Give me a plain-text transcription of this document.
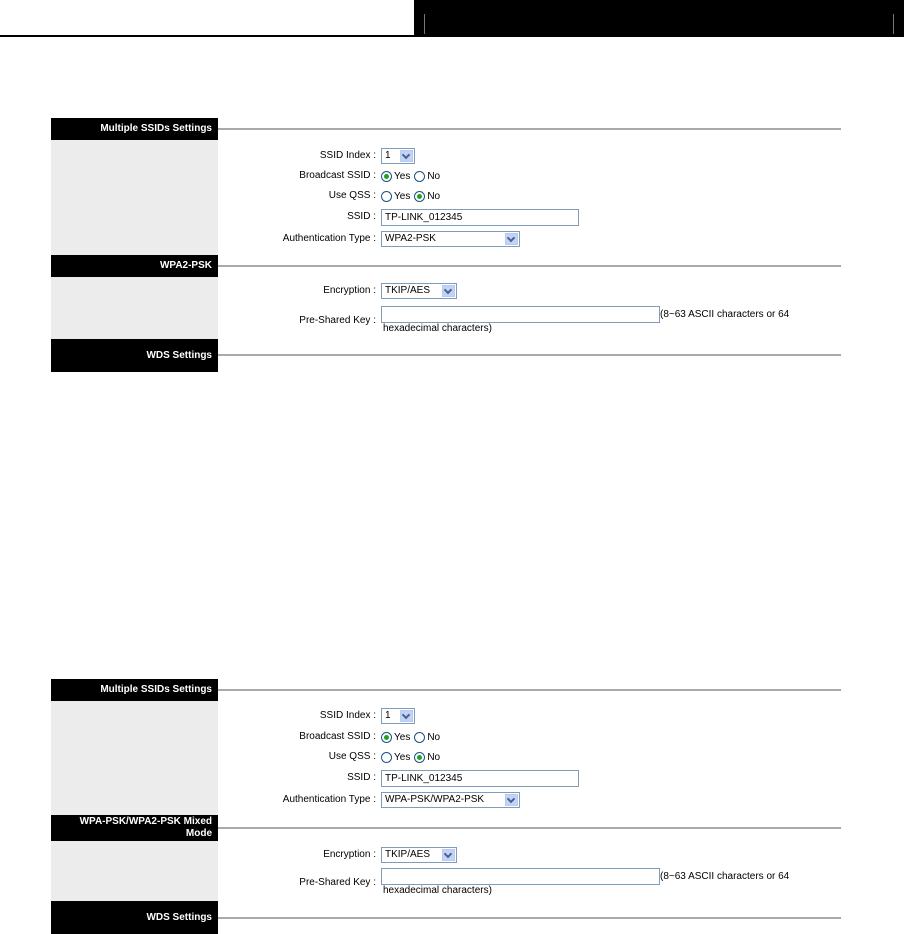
Multiple SSIDs Settings
SSID Index : 1
Broadcast SSID : Yes No
Use QSS : Yes No
SSID : TP-LINK_012345
Authentication Type : WPA2-PSK
WPA2-PSK
Encryption : TKIP/AES
Pre-Shared Key :
(8~63 ASCII characters or 64
hexadecimal characters)
WDS Settings
Multiple SSIDs Settings
SSID Index : 1
Broadcast SSID : Yes No
Use QSS : Yes No
SSID : TP-LINK_012345
Authentication Type : WPA-PSK/WPA2-PSK
WPA-PSK/WPA2-PSK Mixed
Mode
Encryption : TKIP/AES
Pre-Shared Key :
(8~63 ASCII characters or 64
hexadecimal characters)
WDS Settings
